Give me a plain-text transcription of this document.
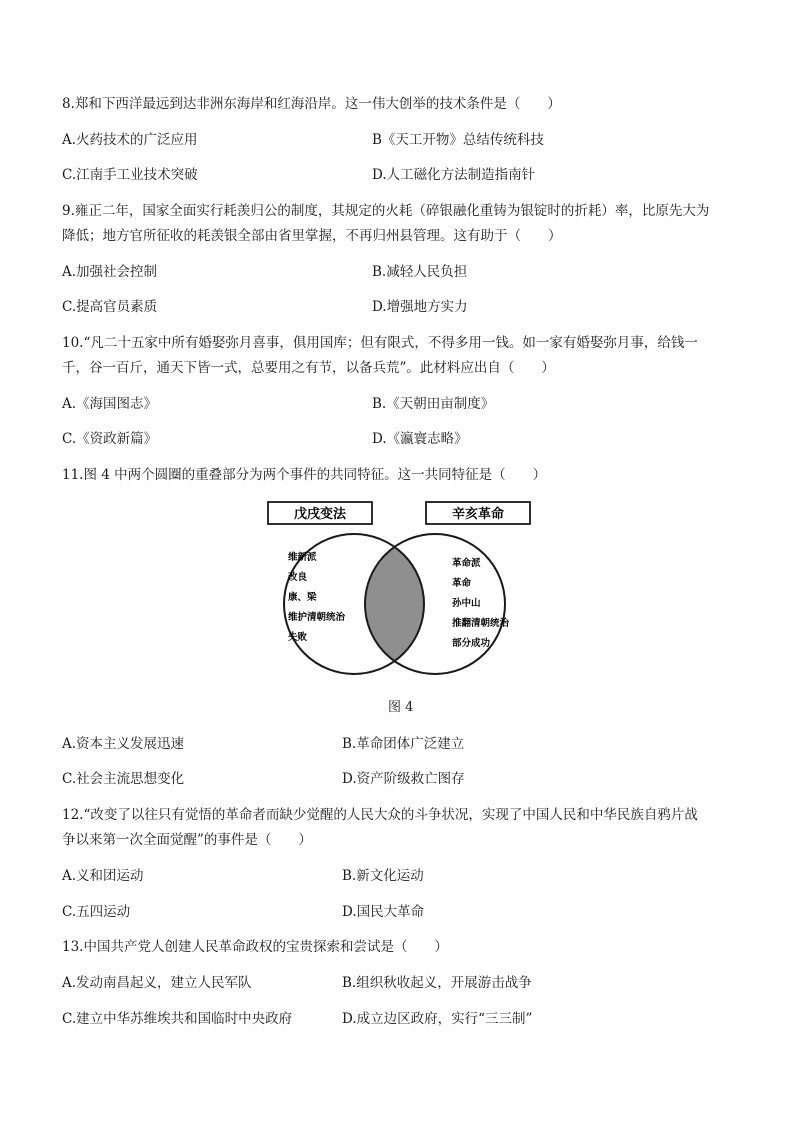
8.郑和下西洋最远到达非洲东海岸和红海沿岸。这一伟大创举的技术条件是（　　）
A.火药技术的广泛应用	B《天工开物》总结传统科技
C.江南手工业技术突破	D.人工磁化方法制造指南针
9.雍正二年，国家全面实行耗羡归公的制度，其规定的火耗（碎银融化重铸为银锭时的折耗）率，比原先大为
降低；地方官所征收的耗羡银全部由省里掌握，不再归州县管理。这有助于（　　）
A.加强社会控制	B.减轻人民负担
C.提高官员素质	D.增强地方实力
10.“凡二十五家中所有婚娶弥月喜事，俱用国库；但有限式，不得多用一钱。如一家有婚娶弥月事，给钱一
千，谷一百斤，通天下皆一式，总要用之有节，以备兵荒”。此材料应出自（　　）
A.《海国图志》	B.《天朝田亩制度》
C.《资政新篇》	D.《瀛寰志略》
11.图 4 中两个圆圈的重叠部分为两个事件的共同特征。这一共同特征是（　　）
戊戌变法	辛亥革命
维新派
改良
康、梁
维护清朝统治
失败
革命派
革命
孙中山
推翻清朝统治
部分成功
图 4
A.资本主义发展迅速	B.革命团体广泛建立
C.社会主流思想变化	D.资产阶级救亡图存
12.“改变了以往只有觉悟的革命者而缺少觉醒的人民大众的斗争状况，实现了中国人民和中华民族自鸦片战
争以来第一次全面觉醒”的事件是（　　）
A.义和团运动	B.新文化运动
C.五四运动	D.国民大革命
13.中国共产党人创建人民革命政权的宝贵探索和尝试是（　　）
A.发动南昌起义，建立人民军队	B.组织秋收起义，开展游击战争
C.建立中华苏维埃共和国临时中央政府	D.成立边区政府，实行“三三制”
